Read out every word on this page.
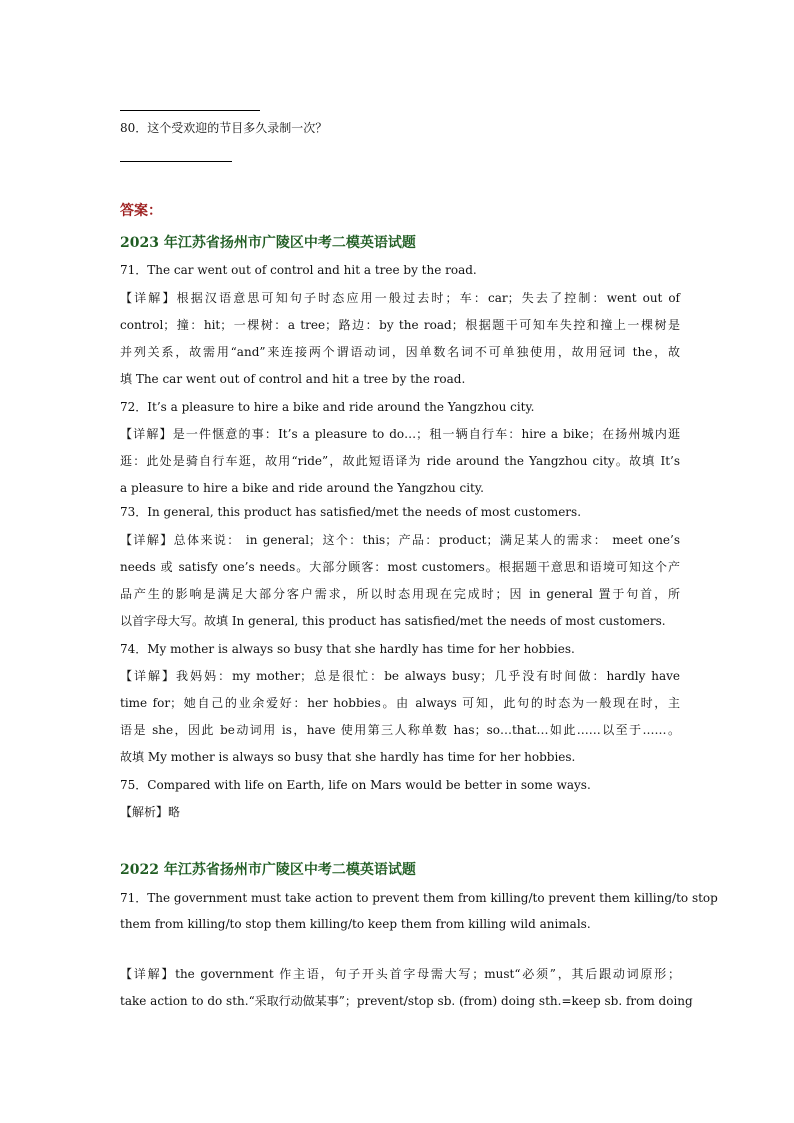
80．这个受欢迎的节目多久录制一次？
答案：
2023 年江苏省扬州市广陵区中考二模英语试题
71．The car went out of control and hit a tree by the road.
【详解】根据汉语意思可知句子时态应用一般过去时；车：car；失去了控制：went out of
control；撞：hit；一棵树：a tree；路边：by the road；根据题干可知车失控和撞上一棵树是
并列关系，故需用“and”来连接两个谓语动词，因单数名词不可单独使用，故用冠词 the，故
填 The car went out of control and hit a tree by the road.
72．It’s a pleasure to hire a bike and ride around the Yangzhou city.
【详解】是一件惬意的事：It’s a pleasure to do…；租一辆自行车：hire a bike；在扬州城内逛
逛：此处是骑自行车逛，故用“ride”，故此短语译为 ride around the Yangzhou city。故填 It’s
a pleasure to hire a bike and ride around the Yangzhou city.
73．In general, this product has satisfied/met the needs of most customers.
【详解】总体来说： in general；这个：this；产品：product；满足某人的需求： meet one’s
needs 或 satisfy one’s needs。大部分顾客：most customers。根据题干意思和语境可知这个产
品产生的影响是满足大部分客户需求，所以时态用现在完成时；因 in general 置于句首，所
以首字母大写。故填 In general, this product has satisfied/met the needs of most customers.
74．My mother is always so busy that she hardly has time for her hobbies.
【详解】我妈妈：my mother；总是很忙：be always busy；几乎没有时间做：hardly have
time for；她自己的业余爱好：her hobbies。由 always 可知，此句的时态为一般现在时，主
语是 she，因此 be动词用 is，have 使用第三人称单数 has；so…that…如此……以至于……。
故填 My mother is always so busy that she hardly has time for her hobbies.
75．Compared with life on Earth, life on Mars would be better in some ways.
【解析】略
2022 年江苏省扬州市广陵区中考二模英语试题
71．The government must take action to prevent them from killing/to prevent them killing/to stop
them from killing/to stop them killing/to keep them from killing wild animals.
【详解】the government 作主语，句子开头首字母需大写；must“必须”，其后跟动词原形；
take action to do sth.“采取行动做某事”；prevent/stop sb. (from) doing sth.=keep sb. from doing
